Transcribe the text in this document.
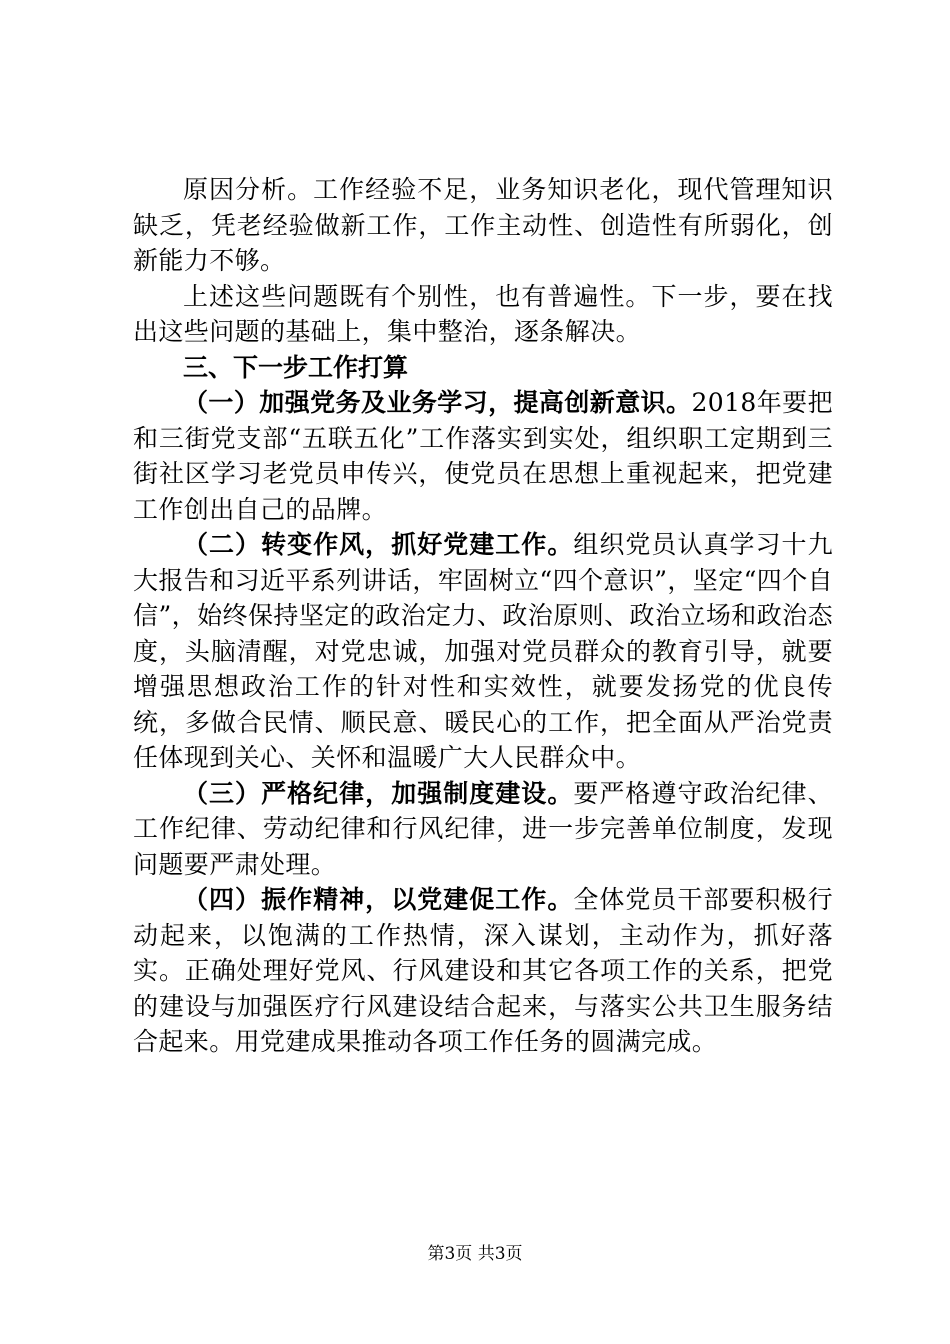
原因分析。工作经验不足，业务知识老化，现代管理知识缺乏，凭老经验做新工作，工作主动性、创造性有所弱化，创新能力不够。

上述这些问题既有个别性，也有普遍性。下一步，要在找出这些问题的基础上，集中整治，逐条解决。

三、下一步工作打算

（一）加强党务及业务学习，提高创新意识。2018年要把和三街党支部“五联五化”工作落实到实处，组织职工定期到三街社区学习老党员申传兴，使党员在思想上重视起来，把党建工作创出自己的品牌。

（二）转变作风，抓好党建工作。组织党员认真学习十九大报告和习近平系列讲话，牢固树立“四个意识”，坚定“四个自信”，始终保持坚定的政治定力、政治原则、政治立场和政治态度，头脑清醒，对党忠诚，加强对党员群众的教育引导，就要增强思想政治工作的针对性和实效性，就要发扬党的优良传统，多做合民情、顺民意、暖民心的工作，把全面从严治党责任体现到关心、关怀和温暖广大人民群众中。

（三）严格纪律，加强制度建设。要严格遵守政治纪律、工作纪律、劳动纪律和行风纪律，进一步完善单位制度，发现问题要严肃处理。

（四）振作精神，以党建促工作。全体党员干部要积极行动起来，以饱满的工作热情，深入谋划，主动作为，抓好落实。正确处理好党风、行风建设和其它各项工作的关系，把党的建设与加强医疗行风建设结合起来，与落实公共卫生服务结合起来。用党建成果推动各项工作任务的圆满完成。

第3页 共3页
